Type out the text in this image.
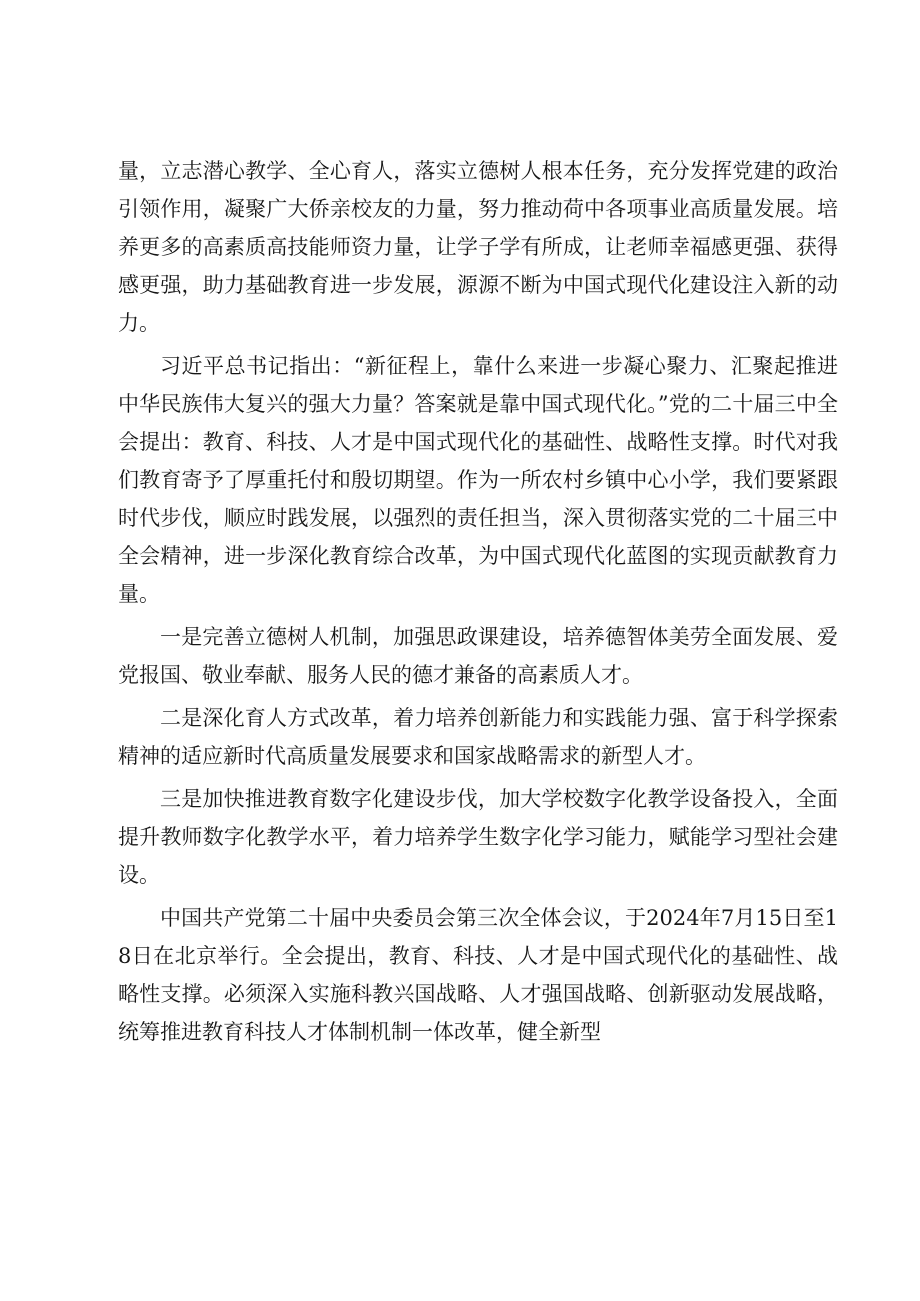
量，立志潜心教学、全心育人，落实立德树人根本任务，充分发挥党建的政治引领作用，凝聚广大侨亲校友的力量，努力推动荷中各项事业高质量发展。培养更多的高素质高技能师资力量，让学子学有所成，让老师幸福感更强、获得感更强，助力基础教育进一步发展，源源不断为中国式现代化建设注入新的动力。

习近平总书记指出：“新征程上，靠什么来进一步凝心聚力、汇聚起推进中华民族伟大复兴的强大力量？答案就是靠中国式现代化。”党的二十届三中全会提出：教育、科技、人才是中国式现代化的基础性、战略性支撑。时代对我们教育寄予了厚重托付和殷切期望。作为一所农村乡镇中心小学，我们要紧跟时代步伐，顺应时践发展，以强烈的责任担当，深入贯彻落实党的二十届三中全会精神，进一步深化教育综合改革，为中国式现代化蓝图的实现贡献教育力量。

一是完善立德树人机制，加强思政课建设，培养德智体美劳全面发展、爱党报国、敬业奉献、服务人民的德才兼备的高素质人才。

二是深化育人方式改革，着力培养创新能力和实践能力强、富于科学探索精神的适应新时代高质量发展要求和国家战略需求的新型人才。

三是加快推进教育数字化建设步伐，加大学校数字化教学设备投入，全面提升教师数字化教学水平，着力培养学生数字化学习能力，赋能学习型社会建设。

中国共产党第二十届中央委员会第三次全体会议，于2024年7月15日至18日在北京举行。全会提出，教育、科技、人才是中国式现代化的基础性、战略性支撑。必须深入实施科教兴国战略、人才强国战略、创新驱动发展战略，统筹推进教育科技人才体制机制一体改革，健全新型
